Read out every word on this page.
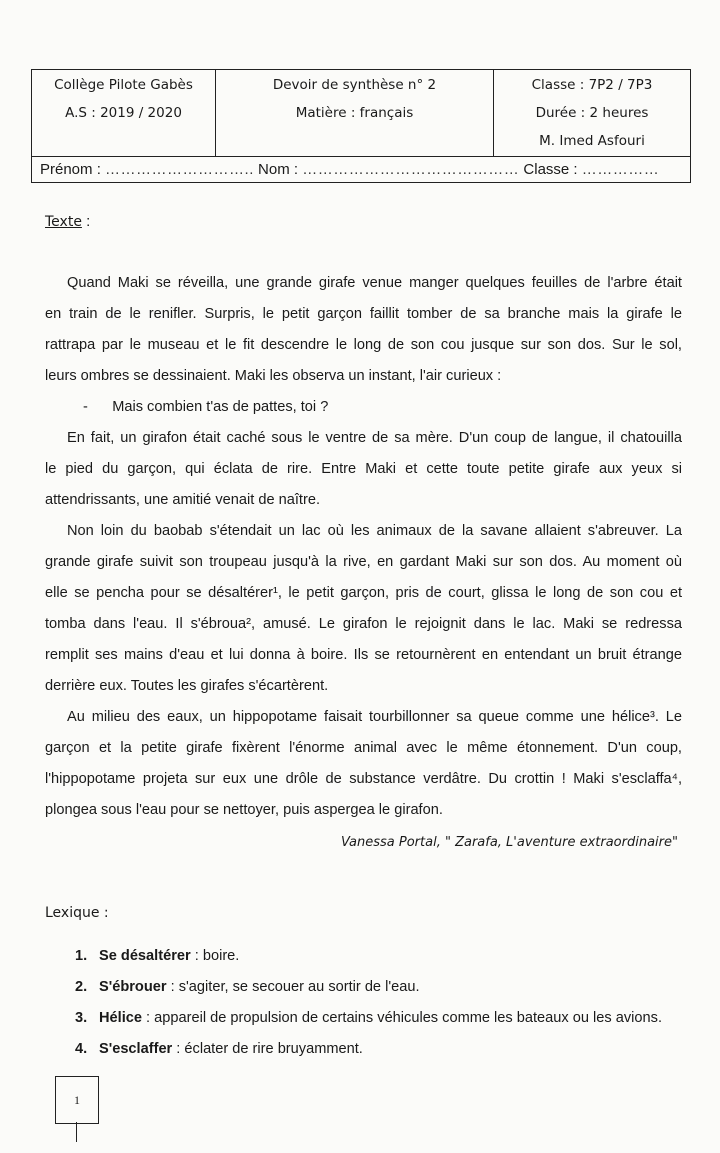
Collège Pilote Gabès
A.S : 2019 / 2020
Devoir de synthèse n° 2
Matière : français
Classe : 7P2 / 7P3
Durée : 2 heures
M. Imed Asfouri
Prénom : ……………………….. Nom : …………………………………… Classe : ……………
Texte :
Quand Maki se réveilla, une grande girafe venue manger quelques feuilles de l'arbre était
en train de le renifler. Surpris, le petit garçon faillit tomber de sa branche mais la girafe le
rattrapa par le museau et le fit descendre le long de son cou jusque sur son dos. Sur le sol,
leurs ombres se dessinaient. Maki les observa un instant, l'air curieux :
-      Mais combien t'as de pattes, toi ?
En fait, un girafon était caché sous le ventre de sa mère. D'un coup de langue, il chatouilla
le pied du garçon, qui éclata de rire. Entre Maki et cette toute petite girafe aux yeux si
attendrissants, une amitié venait de naître.
Non loin du baobab s'étendait un lac où les animaux de la savane allaient s'abreuver. La
grande girafe suivit son troupeau jusqu'à la rive, en gardant Maki sur son dos. Au moment où
elle se pencha pour se désaltérer¹, le petit garçon, pris de court, glissa le long de son cou et
tomba dans l'eau. Il s'ébroua², amusé. Le girafon le rejoignit dans le lac. Maki se redressa
remplit ses mains d'eau et lui donna à boire. Ils se retournèrent en entendant un bruit étrange
derrière eux. Toutes les girafes s'écartèrent.
Au milieu des eaux, un hippopotame faisait tourbillonner sa queue comme une hélice³. Le
garçon et la petite girafe fixèrent l'énorme animal avec le même étonnement. D'un coup,
l'hippopotame projeta sur eux une drôle de substance verdâtre. Du crottin ! Maki s'esclaffa⁴,
plongea sous l'eau pour se nettoyer, puis aspergea le girafon.
Vanessa Portal, " Zarafa, L'aventure extraordinaire"
Lexique :
1. Se désaltérer : boire.
2. S'ébrouer : s'agiter, se secouer au sortir de l'eau.
3. Hélice : appareil de propulsion de certains véhicules comme les bateaux ou les avions.
4. S'esclaffer : éclater de rire bruyamment.
1
